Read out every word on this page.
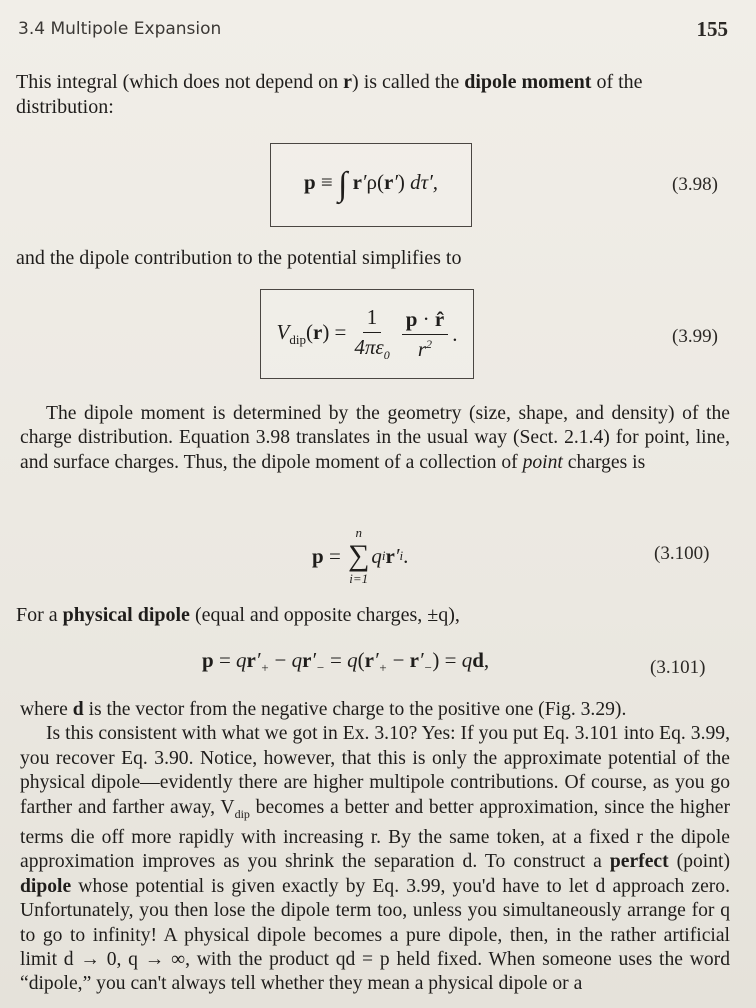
3.4 Multipole Expansion	155
This integral (which does not depend on r) is called the dipole moment of the distribution:
p ≡ ∫ r′ρ(r′) dτ′,	(3.98)
and the dipole contribution to the potential simplifies to
$V_{dip}(r) = \frac{1}{4\pi\varepsilon_0} \frac{p \cdot r̂}{r^2}$ .	(3.99)
The dipole moment is determined by the geometry (size, shape, and density) of the charge distribution. Equation 3.98 translates in the usual way (Sect. 2.1.4) for point, line, and surface charges. Thus, the dipole moment of a collection of point charges is
p
=

n
∑
i=1
q i r ′ i .	(3.100)
For a physical dipole (equal and opposite charges, ±q),
$p = qr'_+ - qr'_- = q(r'_+ - r'_-)$ = qd,	(3.101)
where d is the vector from the negative charge to the positive one (Fig. 3.29).
Is this consistent with what we got in Ex. 3.10? Yes: If you put Eq. 3.101 into Eq. 3.99, you recover Eq. 3.90. Notice, however, that this is only the approximate potential of the physical dipole—evidently there are higher multipole contributions. Of course, as you go farther and farther away, $V_{dip}$ becomes a better and better approximation, since the higher terms die off more rapidly with increasing r. By the same token, at a fixed r the dipole approximation improves as you shrink the separation d. To construct a perfect (point) dipole whose potential is given exactly by Eq. 3.99, you'd have to let d approach zero. Unfortunately, you then lose the dipole term too, unless you simultaneously arrange for q to go to infinity! A physical dipole becomes a pure dipole, then, in the rather artificial limit d → 0, q → ∞, with the product qd = p held fixed. When someone uses the word “dipole,” you can't always tell whether they mean a physical dipole or a
